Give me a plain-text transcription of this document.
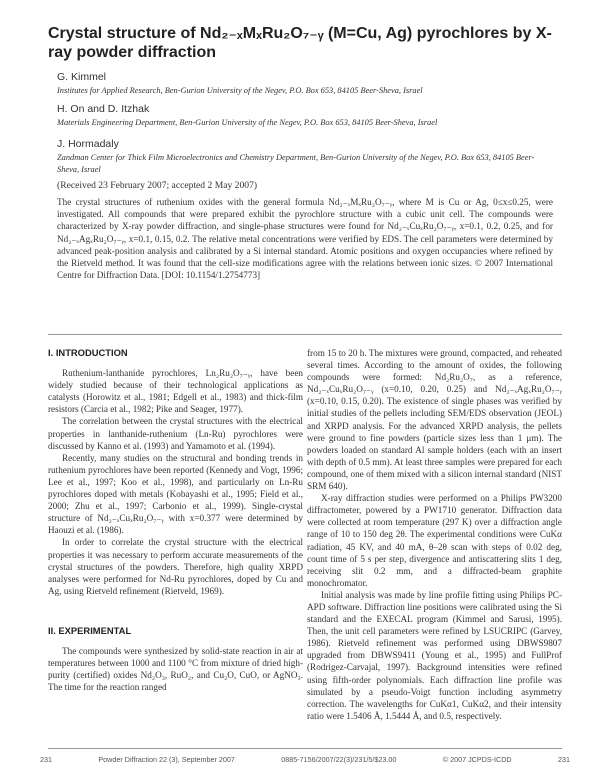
Crystal structure of Nd₂₋ₓMₓRu₂O₇₋ᵧ (M=Cu, Ag) pyrochlores by X-ray powder diffraction
G. Kimmel
Institutes for Applied Research, Ben-Gurion University of the Negev, P.O. Box 653, 84105 Beer-Sheva, Israel
H. On and D. Itzhak
Materials Engineering Department, Ben-Gurion University of the Negev, P.O. Box 653, 84105 Beer-Sheva, Israel
J. Hormadaly
Zandman Center for Thick Film Microelectronics and Chemistry Department, Ben-Gurion University of the Negev, P.O. Box 653, 84105 Beer-Sheva, Israel
(Received 23 February 2007; accepted 2 May 2007)

The crystal structures of ruthenium oxides with the general formula Nd₂₋ₓMₓRu₂O₇₋ᵧ, where M is Cu or Ag, 0≤x≤0.25, were investigated. All compounds that were prepared exhibit the pyrochlore structure with a cubic unit cell. The compounds were characterized by X-ray powder diffraction, and single-phase structures were found for Nd₂₋ₓCuₓRu₂O₇₋ᵧ, x=0.1, 0.2, 0.25, and for Nd₂₋ₓAgₓRu₂O₇₋ᵧ, x=0.1, 0.15, 0.2. The relative metal concentrations were verified by EDS. The cell parameters were determined by advanced peak-position analysis and calibrated by a Si internal standard. Atomic positions and oxygen occupancies where refined by the Rietveld method. It was found that the cell-size modifications agree with the relations between ionic sizes. © 2007 International Centre for Diffraction Data. [DOI: 10.1154/1.2754773]

I. INTRODUCTION

Ruthenium-lanthanide pyrochlores, Ln₂Ru₂O₇₋ᵧ, have been widely studied because of their technological applications as catalysts (Horowitz et al., 1981; Edgell et al., 1983) and thick-film resistors (Carcia et al., 1982; Pike and Seager, 1977).

The correlation between the crystal structures with the electrical properties in lanthanide-ruthenium (Ln-Ru) pyrochlores were discussed by Kanno et al. (1993) and Yamamoto et al. (1994).

Recently, many studies on the structural and bonding trends in ruthenium pyrochlores have been reported (Kennedy and Vogt, 1996; Lee et al., 1997; Koo et al., 1998), and particularly on Ln-Ru pyrochlores doped with metals (Kobayashi et al., 1995; Field et al., 2000; Zhu et al., 1997; Carbonio et al., 1999). Single-crystal structure of Nd₂₋ₓCuₓRu₂O₇₋ᵧ with x=0.377 were determined by Haouzi et al. (1986).

In order to correlate the crystal structure with the electrical properties it was necessary to perform accurate measurements of the crystal structures of the powders. Therefore, high quality XRPD analyses were performed for Nd-Ru pyrochlores, doped by Cu and Ag, using Rietveld refinement (Rietveld, 1969).

II. EXPERIMENTAL

The compounds were synthesized by solid-state reaction in air at temperatures between 1000 and 1100 °C from mixture of dried high-purity (certified) oxides Nd₂O₃, RuO₂, and Cu₂O, CuO, or AgNO₃. The time for the reaction ranged

from 15 to 20 h. The mixtures were ground, compacted, and reheated several times. According to the amount of oxides, the following compounds were formed: Nd₂Ru₂O₇, as a reference, Nd₂₋ₓCuₓRu₂O₇₋ᵧ (x=0.10, 0.20, 0.25) and Nd₂₋ₓAgₓRu₂O₇₋ᵧ (x=0.10, 0.15, 0.20). The existence of single phases was verified by initial studies of the pellets including SEM/EDS observation (JEOL) and XRPD analysis. For the advanced XRPD analysis, the pellets were ground to fine powders (particle sizes less than 1 μm). The powders loaded on standard Al sample holders (each with an insert with depth of 0.5 mm). At least three samples were prepared for each compound, one of them mixed with a silicon internal standard (NIST SRM 640).

X-ray diffraction studies were performed on a Philips PW3200 diffractometer, powered by a PW1710 generator. Diffraction data were collected at room temperature (297 K) over a diffraction angle range of 10 to 150 deg 2θ. The experimental conditions were CuKα radiation, 45 KV, and 40 mA, θ–2θ scan with steps of 0.02 deg, count time of 5 s per step, divergence and antiscattering slits 1 deg, receiving slit 0.2 mm, and a diffracted-beam graphite monochromator.

Initial analysis was made by line profile fitting using Philips PC-APD software. Diffraction line positions were calibrated using the Si standard and the EXECAL program (Kimmel and Sarusi, 1995). Then, the unit cell parameters were refined by LSUCRIPC (Garvey, 1986). Rietveld refinement was performed using DBWS9807 upgraded from DBWS9411 (Young et al., 1995) and FullProf (Rodrigez-Carvajal, 1997). Background intensities were refined using fifth-order polynomials. Each diffraction line profile was simulated by a pseudo-Voigt function including asymmetry correction. The wavelengths for CuKα1, CuKα2, and their intensity ratio were 1.5406 Å, 1.5444 Å, and 0.5, respectively.

231	Powder Diffraction 22 (3), September 2007	0885-7156/2007/22(3)/231/5/$23.00	© 2007 JCPDS-ICDD	231
